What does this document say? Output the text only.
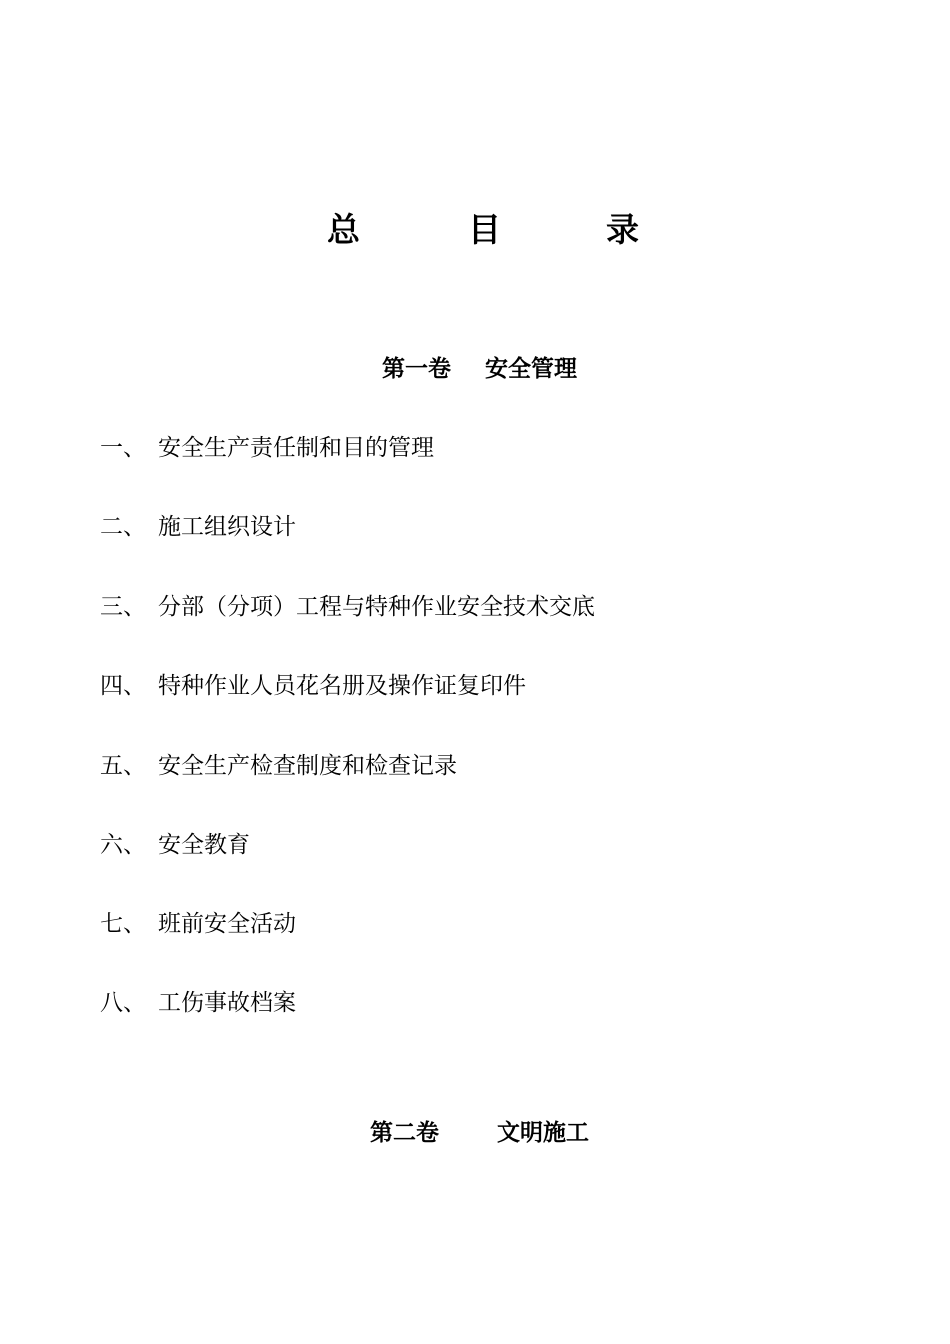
总	目	录
第一卷 安全管理
一、 安全生产责任制和目的管理
二、 施工组织设计
三、 分部（分项）工程与特种作业安全技术交底
四、 特种作业人员花名册及操作证复印件
五、 安全生产检查制度和检查记录
六、 安全教育
七、 班前安全活动
八、 工伤事故档案
第二卷	文明施工
